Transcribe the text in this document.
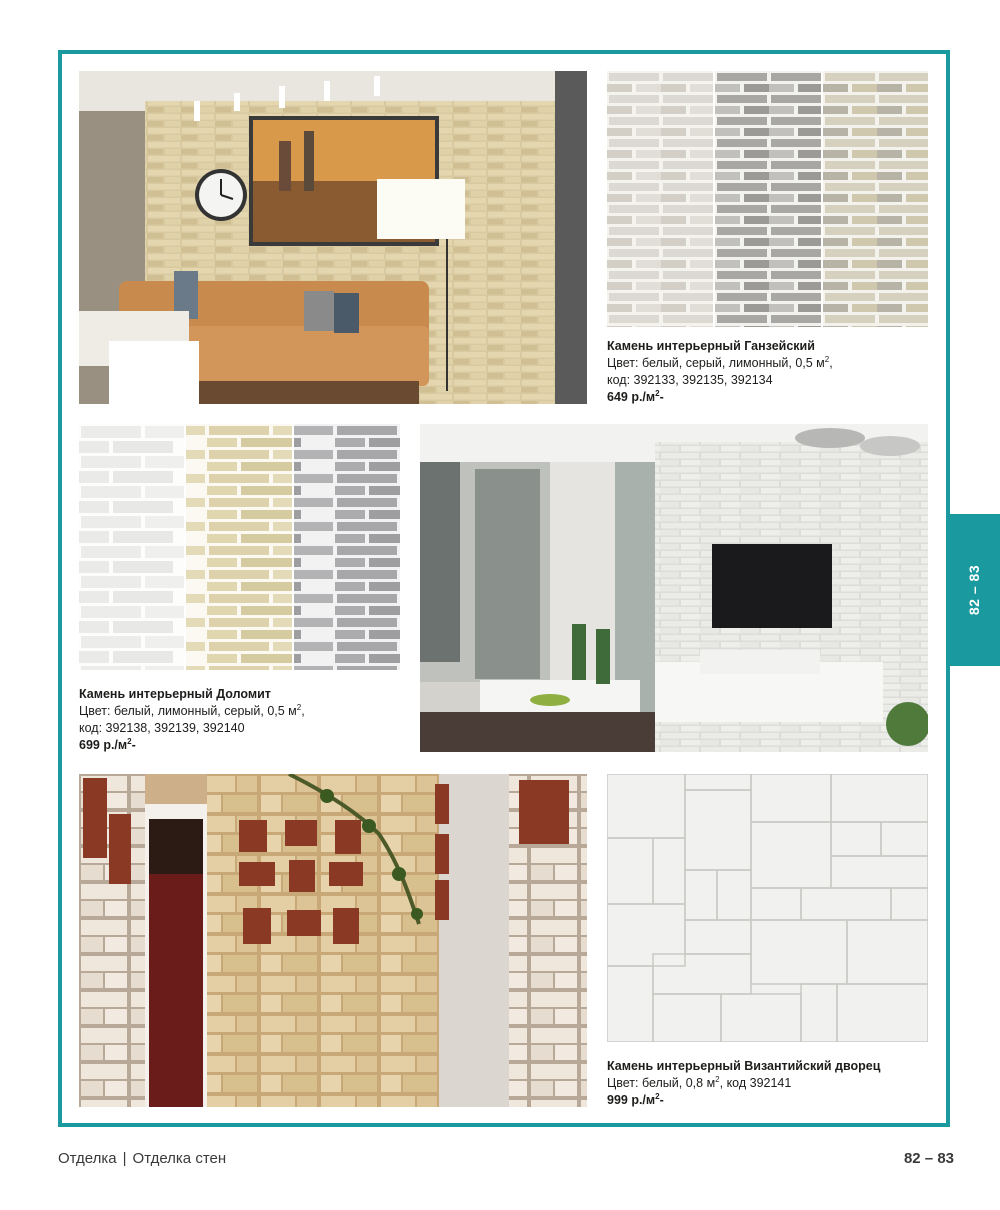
Камень интерьерный Ганзейский
Цвет: белый, серый, лимонный, 0,5 $м^2$,
код: 392133, 392135, 392134
649 $р./м^2-$
Камень интерьерный Доломит
Цвет: белый, лимонный, серый, 0,5 $м^2$,
код: 392138, 392139, 392140
699 $р./м^2-$
Камень интерьерный Византийский дворец
Цвет: белый, 0,8 $м^2$, код 392141
999 $р./м^2-$
82 – 83
Отделка | Отделка стен	82 – 83
